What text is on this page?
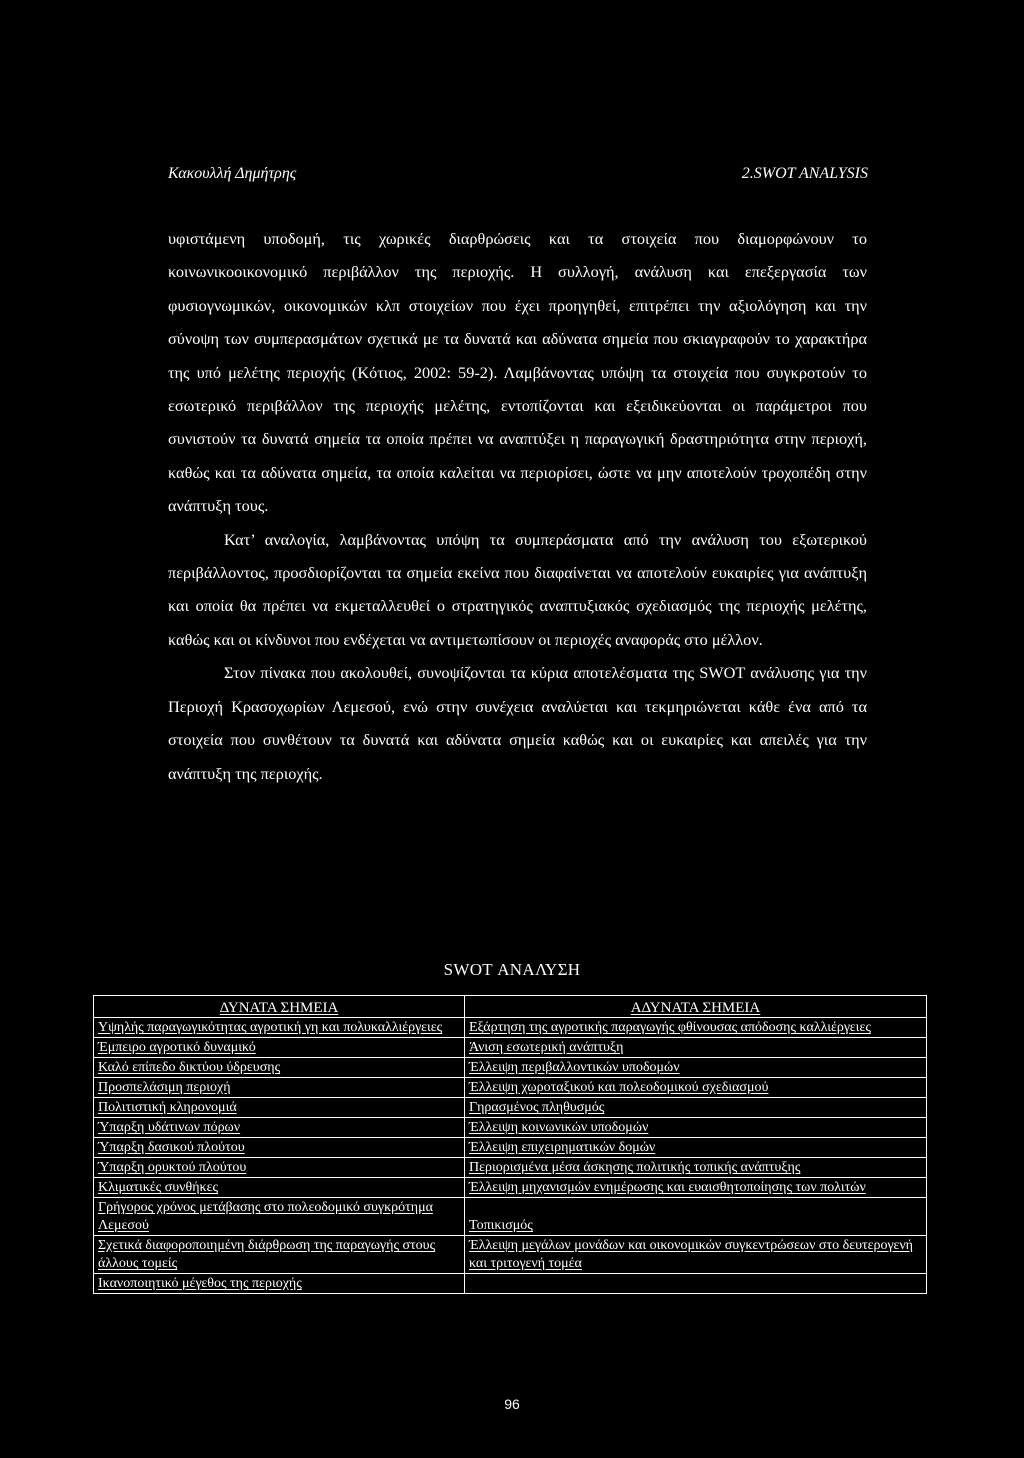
Κακουλλή Δημήτρης	2.SWOT ANALYSIS

υφιστάμενη υποδομή, τις χωρικές διαρθρώσεις και τα στοιχεία που διαμορφώνουν το κοινωνικοοικονομικό περιβάλλον της περιοχής. Η συλλογή, ανάλυση και επεξεργασία των φυσιογνωμικών, οικονομικών κλπ στοιχείων που έχει προηγηθεί, επιτρέπει την αξιολόγηση και την σύνοψη των συμπερασμάτων σχετικά με τα δυνατά και αδύνατα σημεία που σκιαγραφούν το χαρακτήρα της υπό μελέτης περιοχής (Κότιος, 2002: 59-2). Λαμβάνοντας υπόψη τα στοιχεία που συγκροτούν το εσωτερικό περιβάλλον της περιοχής μελέτης, εντοπίζονται και εξειδικεύονται οι παράμετροι που συνιστούν τα δυνατά σημεία τα οποία πρέπει να αναπτύξει η παραγωγική δραστηριότητα στην περιοχή, καθώς και τα αδύνατα σημεία, τα οποία καλείται να περιορίσει, ώστε να μην αποτελούν τροχοπέδη στην ανάπτυξη τους.

Κατ’ αναλογία, λαμβάνοντας υπόψη τα συμπεράσματα από την ανάλυση του εξωτερικού περιβάλλοντος, προσδιορίζονται τα σημεία εκείνα που διαφαίνεται να αποτελούν ευκαιρίες για ανάπτυξη και οποία θα πρέπει να εκμεταλλευθεί ο στρατηγικός αναπτυξιακός σχεδιασμός της περιοχής μελέτης, καθώς και οι κίνδυνοι που ενδέχεται να αντιμετωπίσουν οι περιοχές αναφοράς στο μέλλον.

Στον πίνακα που ακολουθεί, συνοψίζονται τα κύρια αποτελέσματα της SWOT ανάλυσης για την Περιοχή Κρασοχωρίων Λεμεσού, ενώ στην συνέχεια αναλύεται και τεκμηριώνεται κάθε ένα από τα στοιχεία που συνθέτουν τα δυνατά και αδύνατα σημεία καθώς και οι ευκαιρίες και απειλές για την ανάπτυξη της περιοχής.

SWOT ΑΝΑΛΥΣΗ
ΔΥΝΑΤΑ ΣΗΜΕΙΑ	ΑΔΥΝΑΤΑ ΣΗΜΕΙΑ
Υψηλής παραγωγικότητας αγροτική γη και πολυκαλλιέργειες	Εξάρτηση της αγροτικής παραγωγής φθίνουσας απόδοσης καλλιέργειες
Έμπειρο αγροτικό δυναμικό	Άνιση εσωτερική ανάπτυξη
Καλό επίπεδο δικτύου ύδρευσης	Έλλειψη περιβαλλοντικών υποδομών
Προσπελάσιμη περιοχή	Έλλειψη χωροταξικού και πολεοδομικού σχεδιασμού
Πολιτιστική κληρονομιά	Γηρασμένος πληθυσμός
Ύπαρξη υδάτινων πόρων	Έλλειψη κοινωνικών υποδομών
Ύπαρξη δασικού πλούτου	Έλλειψη επιχειρηματικών δομών
Ύπαρξη ορυκτού πλούτου	Περιορισμένα μέσα άσκησης πολιτικής τοπικής ανάπτυξης
Κλιματικές συνθήκες	Έλλειψη μηχανισμών ενημέρωσης και ευαισθητοποίησης των πολιτών
Γρήγορος χρόνος μετάβασης στο πολεοδομικό συγκρότημα Λεμεσού	Τοπικισμός
Σχετικά διαφοροποιημένη διάρθρωση της παραγωγής στους άλλους τομείς	Έλλειψη μεγάλων μονάδων και οικονομικών συγκεντρώσεων στο δευτερογενή και τριτογενή τομέα
Ικανοποιητικό μέγεθος της περιοχής	
96
